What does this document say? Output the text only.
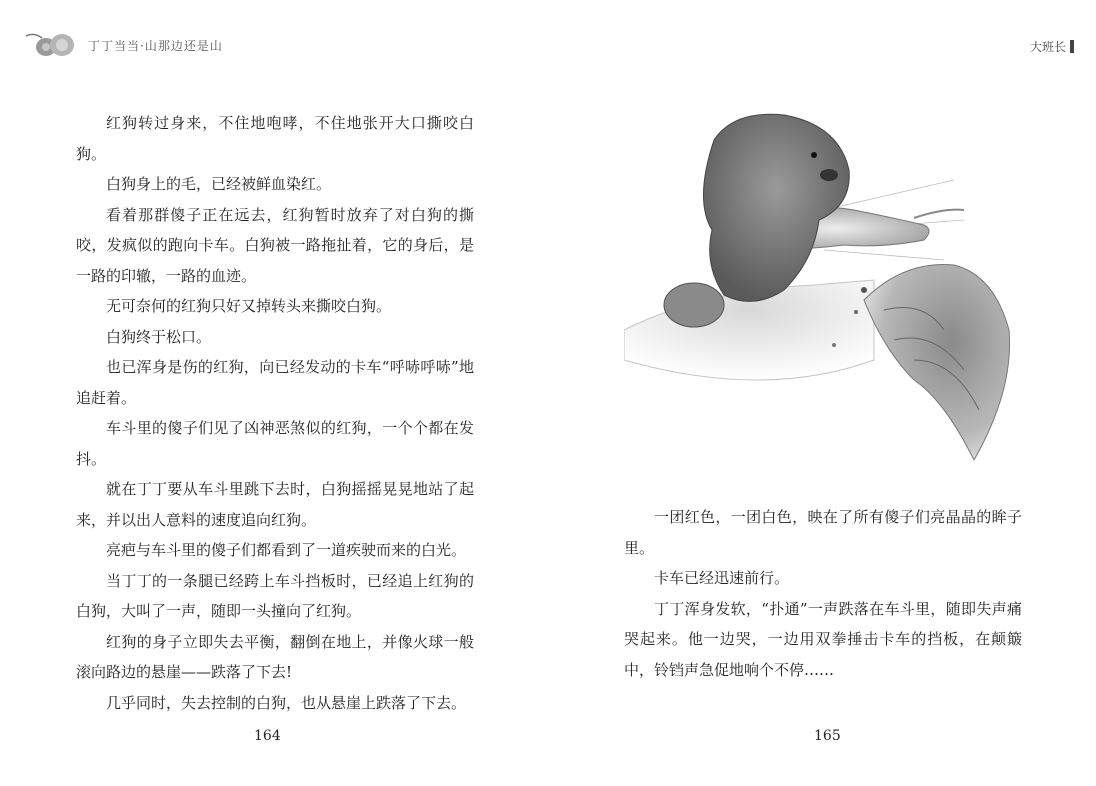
丁丁当当·山那边还是山

红狗转过身来，不住地咆哮，不住地张开大口撕咬白狗。

白狗身上的毛，已经被鲜血染红。

看着那群傻子正在远去，红狗暂时放弃了对白狗的撕咬，发疯似的跑向卡车。白狗被一路拖扯着，它的身后，是一路的印辙，一路的血迹。

无可奈何的红狗只好又掉转头来撕咬白狗。

白狗终于松口。

也已浑身是伤的红狗，向已经发动的卡车“呼哧呼哧”地追赶着。

车斗里的傻子们见了凶神恶煞似的红狗，一个个都在发抖。

就在丁丁要从车斗里跳下去时，白狗摇摇晃晃地站了起来，并以出人意料的速度追向红狗。

亮疤与车斗里的傻子们都看到了一道疾驶而来的白光。

当丁丁的一条腿已经跨上车斗挡板时，已经追上红狗的白狗，大叫了一声，随即一头撞向了红狗。

红狗的身子立即失去平衡，翻倒在地上，并像火球一般滚向路边的悬崖——跌落了下去!

几乎同时，失去控制的白狗，也从悬崖上跌落了下去。

164
大班长

一团红色，一团白色，映在了所有傻子们亮晶晶的眸子里。

卡车已经迅速前行。

丁丁浑身发软，“扑通”一声跌落在车斗里，随即失声痛哭起来。他一边哭，一边用双拳捶击卡车的挡板，在颠簸中，铃铛声急促地响个不停……

165
